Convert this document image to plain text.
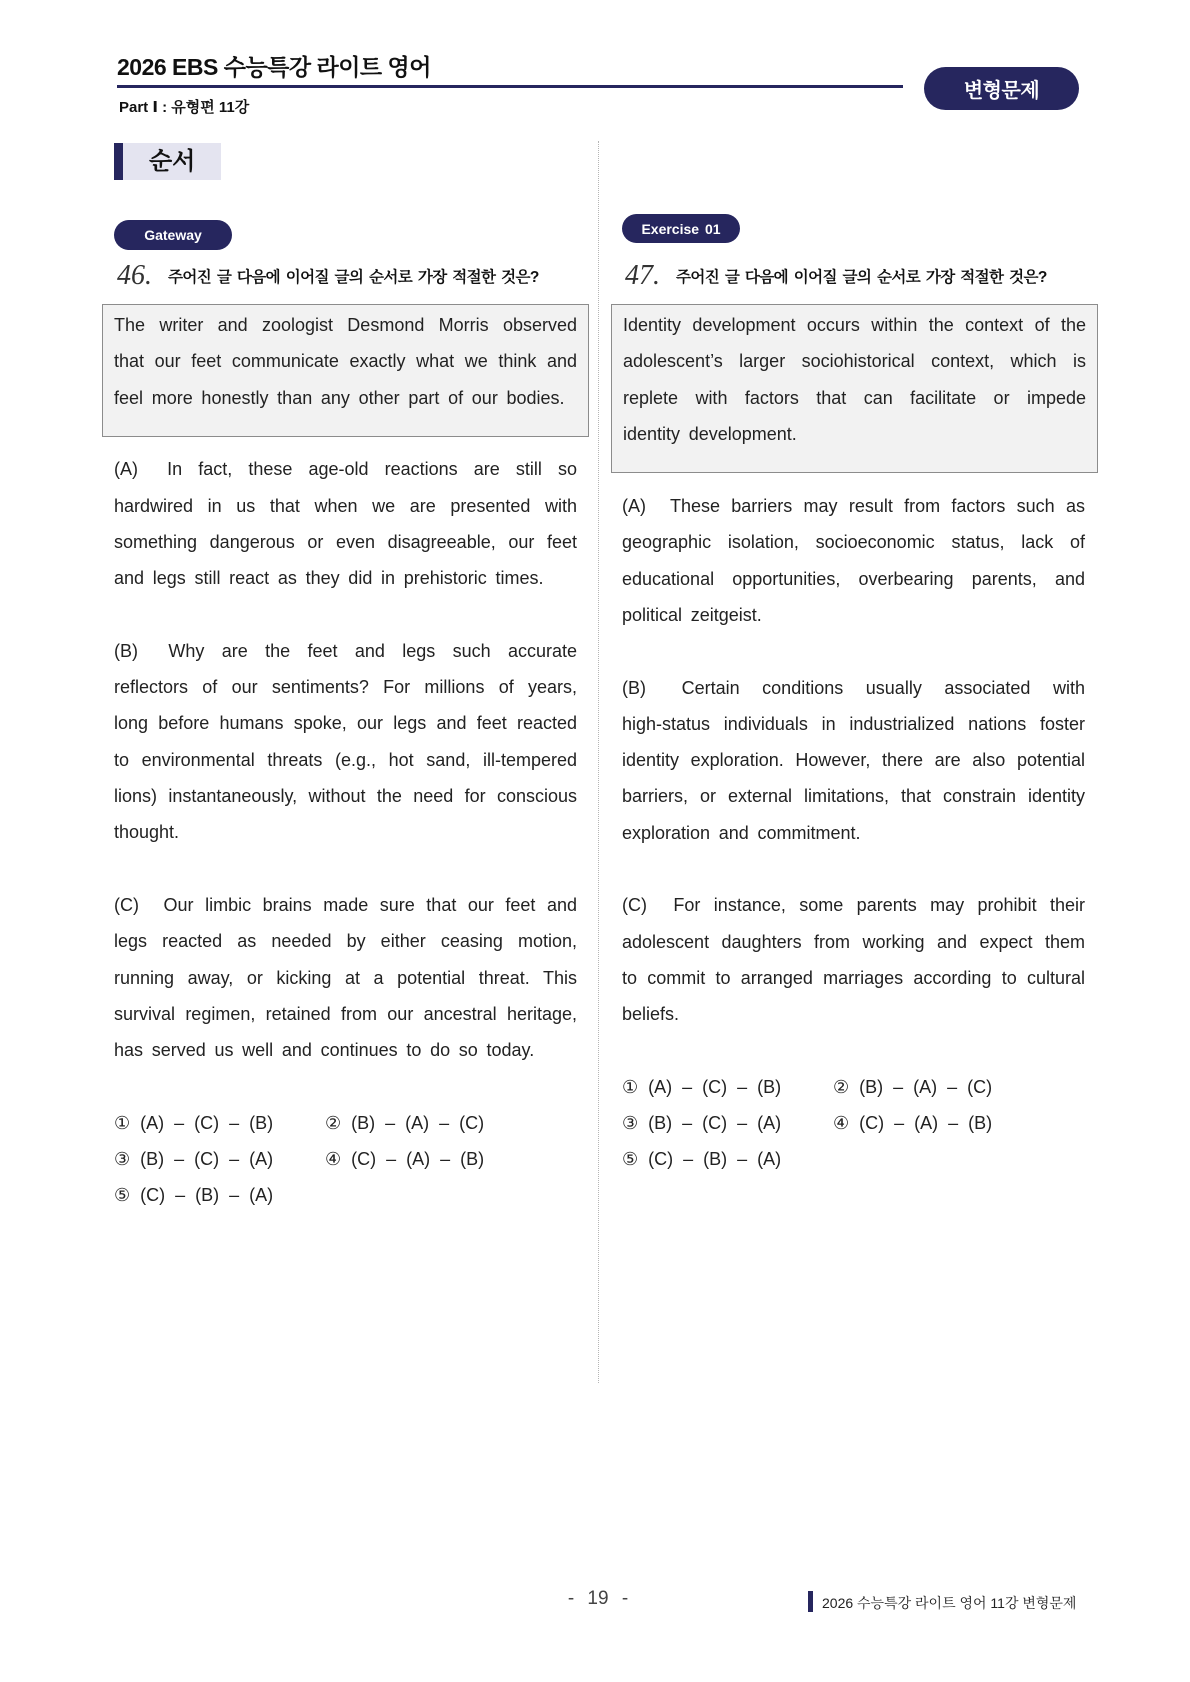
2026 EBS 수능특강 라이트 영어
변형문제
Part Ⅰ : 유형편 11강
순서
Gateway
46.	주어진 글 다음에 이어질 글의 순서로 가장 적절한 것은?
The writer and zoologist Desmond Morris observed
that our feet communicate exactly what we think and
feel more honestly than any other part of our bodies.
(A) In fact, these age-old reactions are still so
hardwired in us that when we are presented with
something dangerous or even disagreeable, our feet
and legs still react as they did in prehistoric times.
(B) Why are the feet and legs such accurate
reflectors of our sentiments? For millions of years,
long before humans spoke, our legs and feet reacted
to environmental threats (e.g., hot sand, ill-tempered
lions) instantaneously, without the need for conscious
thought.
(C) Our limbic brains made sure that our feet and
legs reacted as needed by either ceasing motion,
running away, or kicking at a potential threat. This
survival regimen, retained from our ancestral heritage,
has served us well and continues to do so today.
① (A) – (C) – (B)	② (B) – (A) – (C)
③ (B) – (C) – (A)	④ (C) – (A) – (B)
⑤ (C) – (B) – (A)
Exercise 01
47.	주어진 글 다음에 이어질 글의 순서로 가장 적절한 것은?
Identity development occurs within the context of the
adolescent’s larger sociohistorical context, which is
replete with factors that can facilitate or impede
identity development.
(A) These barriers may result from factors such as
geographic isolation, socioeconomic status, lack of
educational opportunities, overbearing parents, and
political zeitgeist.
(B) Certain conditions usually associated with
high-status individuals in industrialized nations foster
identity exploration. However, there are also potential
barriers, or external limitations, that constrain identity
exploration and commitment.
(C) For instance, some parents may prohibit their
adolescent daughters from working and expect them
to commit to arranged marriages according to cultural
beliefs.
① (A) – (C) – (B)	② (B) – (A) – (C)
③ (B) – (C) – (A)	④ (C) – (A) – (B)
⑤ (C) – (B) – (A)
- 19 -	2026 수능특강 라이트 영어 11강 변형문제
